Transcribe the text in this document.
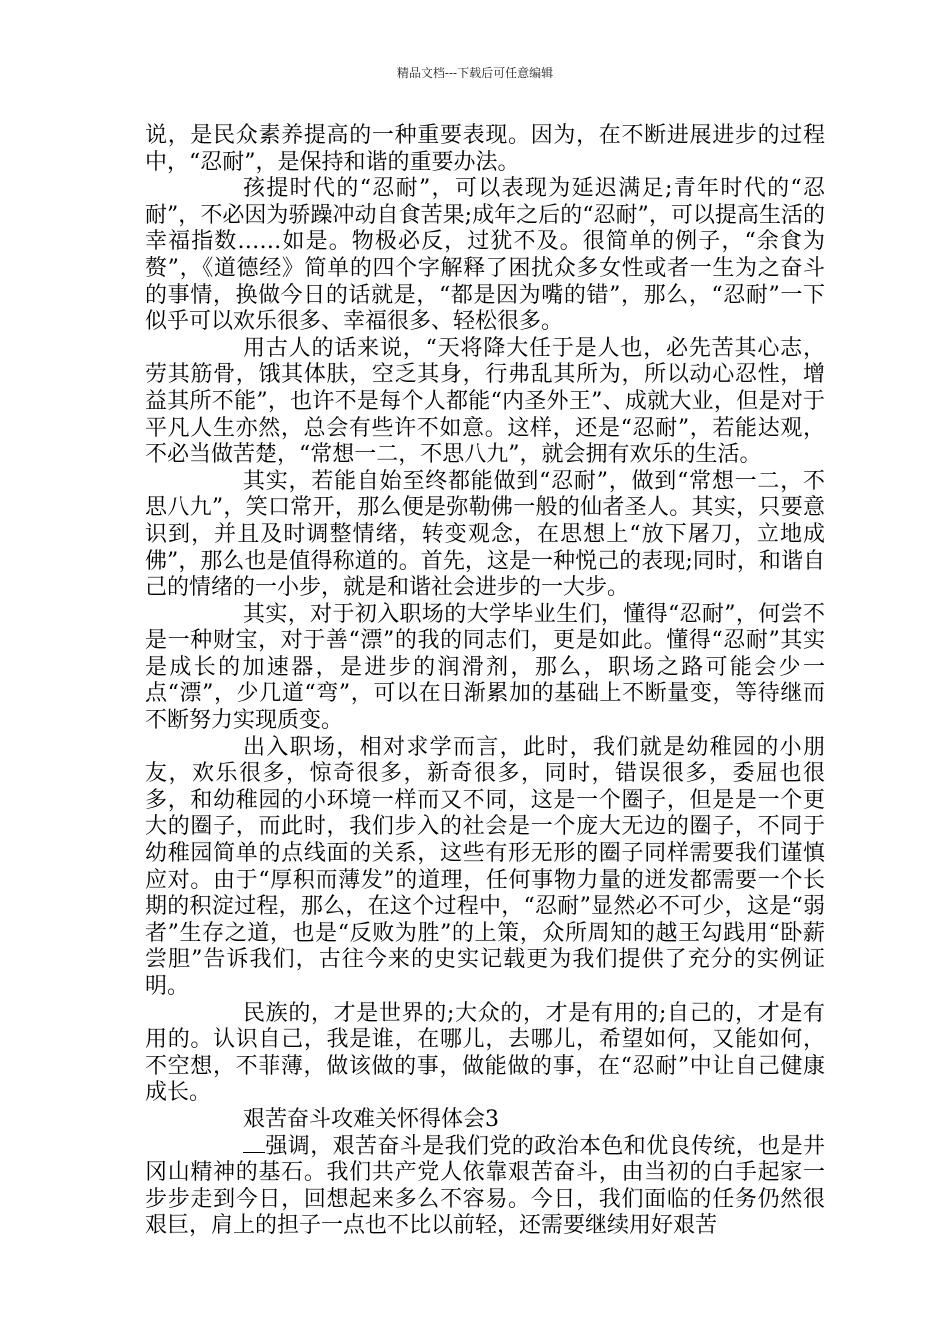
精品文档---下载后可任意编辑

说，是民众素养提高的一种重要表现。因为，在不断进展进步的过程中，“忍耐”，是保持和谐的重要办法。

孩提时代的“忍耐”，可以表现为延迟满足;青年时代的“忍耐”，不必因为骄躁冲动自食苦果;成年之后的“忍耐”，可以提高生活的幸福指数……如是。物极必反，过犹不及。很简单的例子，“余食为赘”，《道德经》简单的四个字解释了困扰众多女性或者一生为之奋斗的事情，换做今日的话就是，“都是因为嘴的错”，那么，“忍耐”一下似乎可以欢乐很多、幸福很多、轻松很多。

用古人的话来说，“天将降大任于是人也，必先苦其心志，劳其筋骨，饿其体肤，空乏其身，行弗乱其所为，所以动心忍性，增益其所不能”，也许不是每个人都能“内圣外王”、成就大业，但是对于平凡人生亦然，总会有些许不如意。这样，还是“忍耐”，若能达观，不必当做苦楚，“常想一二，不思八九”，就会拥有欢乐的生活。

其实，若能自始至终都能做到“忍耐”，做到“常想一二，不思八九”，笑口常开，那么便是弥勒佛一般的仙者圣人。其实，只要意识到，并且及时调整情绪，转变观念，在思想上“放下屠刀，立地成佛”，那么也是值得称道的。首先，这是一种悦己的表现;同时，和谐自己的情绪的一小步，就是和谐社会进步的一大步。

其实，对于初入职场的大学毕业生们，懂得“忍耐”，何尝不是一种财宝，对于善“漂”的我的同志们，更是如此。懂得“忍耐”其实是成长的加速器，是进步的润滑剂，那么，职场之路可能会少一点“漂”，少几道“弯”，可以在日渐累加的基础上不断量变，等待继而不断努力实现质变。

出入职场，相对求学而言，此时，我们就是幼稚园的小朋友，欢乐很多，惊奇很多，新奇很多，同时，错误很多，委屈也很多，和幼稚园的小环境一样而又不同，这是一个圈子，但是是一个更大的圈子，而此时，我们步入的社会是一个庞大无边的圈子，不同于幼稚园简单的点线面的关系，这些有形无形的圈子同样需要我们谨慎应对。由于“厚积而薄发”的道理，任何事物力量的迸发都需要一个长期的积淀过程，那么，在这个过程中，“忍耐”显然必不可少，这是“弱者”生存之道，也是“反败为胜”的上策，众所周知的越王勾践用“卧薪尝胆”告诉我们，古往今来的史实记载更为我们提供了充分的实例证明。

民族的，才是世界的;大众的，才是有用的;自己的，才是有用的。认识自己，我是谁，在哪儿，去哪儿，希望如何，又能如何，不空想，不菲薄，做该做的事，做能做的事，在“忍耐”中让自己健康成长。

艰苦奋斗攻难关怀得体会3

强调，艰苦奋斗是我们党的政治本色和优良传统，也是井冈山精神的基石。我们共产党人依靠艰苦奋斗，由当初的白手起家一步步走到今日，回想起来多么不容易。今日，我们面临的任务仍然很艰巨，肩上的担子一点也不比以前轻，还需要继续用好艰苦
